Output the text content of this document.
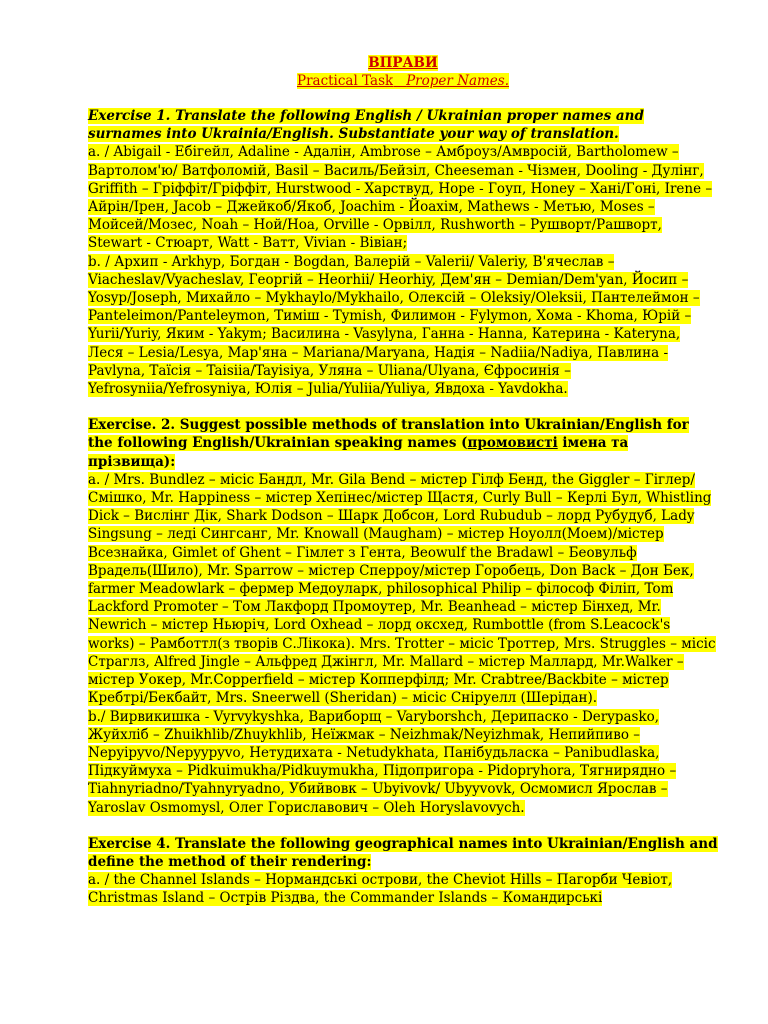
ВПРАВИ
Practical Task Proper Names.
Exercise 1. Translate the following English / Ukrainian proper names and surnames into Ukrainia/English. Substantiate your way of translation.
a. / Abigail - Ебігейл, Adaline - Адалін, Ambrose – Амброуз/Амвросій, Bartholomew – Вартолом'ю/ Ватфоломій, Basil – Василь/Бейзіл, Cheeseman - Чізмен, Dooling - Дулінг, Griffith – Гріффіт/Гріффіт, Hurstwood - Харствуд, Hope - Гоуп, Honey – Хані/Гоні, Irene – Айрін/Ірен, Jacob – Джейкоб/Якоб, Joachim - Йоахім, Mathews - Метью, Moses – Мойсей/Мозес, Noah – Ной/Ноа, Orville - Орвілл, Rushworth – Рушворт/Рашворт, Stewart - Стюарт, Watt - Ватт, Vivian - Вівіан;
b. / Архип - Arkhyp, Богдан - Bogdan, Валерій – Valerii/ Valeriy, В'ячеслав – Viacheslav/Vyacheslav, Георгій – Heorhii/ Heorhiy, Дем'ян – Demian/Dem'yan, Йосип – Yosyp/Joseph, Михайло – Mykhaylo/Mykhailo, Олексій – Oleksiy/Oleksii, Пантелеймон – Panteleimon/Panteleymon, Тиміш - Tymish, Филимон - Fylymon, Хома - Khoma, Юрій – Yurii/Yuriy, Яким - Yakym; Василина - Vasylyna, Ганна - Hanna, Катерина - Kateryna, Леся – Lesia/Lesya, Мар'яна – Mariana/Maryana, Надія – Nadiia/Nadiya, Павлина - Pavlyna, Таїсія – Taisiia/Tayisiya, Уляна – Uliana/Ulyana, Єфросинія – Yefrosyniia/Yefrosyniya, Юлія – Julia/Yuliia/Yuliya, Явдоха - Yavdokha.
Exercise. 2. Suggest possible methods of translation into Ukrainian/English for the following English/Ukrainian speaking names (промовисті імена та прізвища):
a. / Mrs. Bundlez – місіс Бандл, Mr. Gila Bend – містер Гілф Бенд, the Giggler – Гіглер/Смішко, Mr. Happiness – містер Хепінес/містер Щастя, Curly Bull – Керлі Бул, Whistling Dick – Вислінг Дік, Shark Dodson – Шарк Добсон, Lord Rubudub – лорд Рубудуб, Lady Singsung – леді Сингсанг, Mr. Knowall (Maugham) – містер Ноуолл(Моем)/містер Всезнайка, Gimlet of Ghent – Гімлет з Гента, Beowulf the Bradawl – Беовульф Врадель(Шило), Mr. Sparrow – містер Сперроу/містер Горобець, Don Back – Дон Бек, farmer Meadowlark – фермер Медоуларк, philosophical Philip – філософ Філіп, Tom Lackford Promoter – Том Лакфорд Промоутер, Mr. Beanhead – містер Бінхед, Mr. Newrich – містер Ньюріч, Lord Oxhead – лорд оксхед, Rumbottle (from S.Leacock's works) – Рамботтл(з творів С.Лікока). Mrs. Trotter – місіс Троттер, Mrs. Struggles – місіс Стрaглз, Alfred Jingle – Альфред Джінгл, Mr. Mallard – містер Маллард, Mr.Walker – містер Уокер, Mr.Copperfield – містер Копперфілд; Mr. Crabtree/Backbite – містер Кребтрі/Бекбайт, Mrs. Sneerwell (Sheridan) – місіс Сніруелл (Шерідан).
b./ Вирвикишка - Vyrvykyshka, Вариборщ – Varyborshch, Дерипаско - Derypasko, Жуйхліб – Zhuikhlib/Zhuykhlib, Неїжмак – Neizhmak/Neyizhmak, Непийпиво – Nepyipyvo/Nepyypyvo, Нетудихата - Netudykhata, Панібудьласка – Panibudlaska, Підкуймуха – Pidkuimukha/Pidkuymukha, Підопригора - Pidopryhora, Тягнирядно – Tiahnyriadno/Tyahnyryadno, Убийвовк – Ubyivovk/ Ubyyvovk, Осмомисл Ярослав – Yaroslav Osmomysl, Олег Гориславович – Oleh Horyslavovych.
Exercise 4. Translate the following geographical names into Ukrainian/English and define the method of their rendering:
a. / the Channel Islands – Нормандські острови, the Cheviot Hills – Пагорби Чевіот, Christmas Island – Острів Різдва, the Commander Islands – Командирські
